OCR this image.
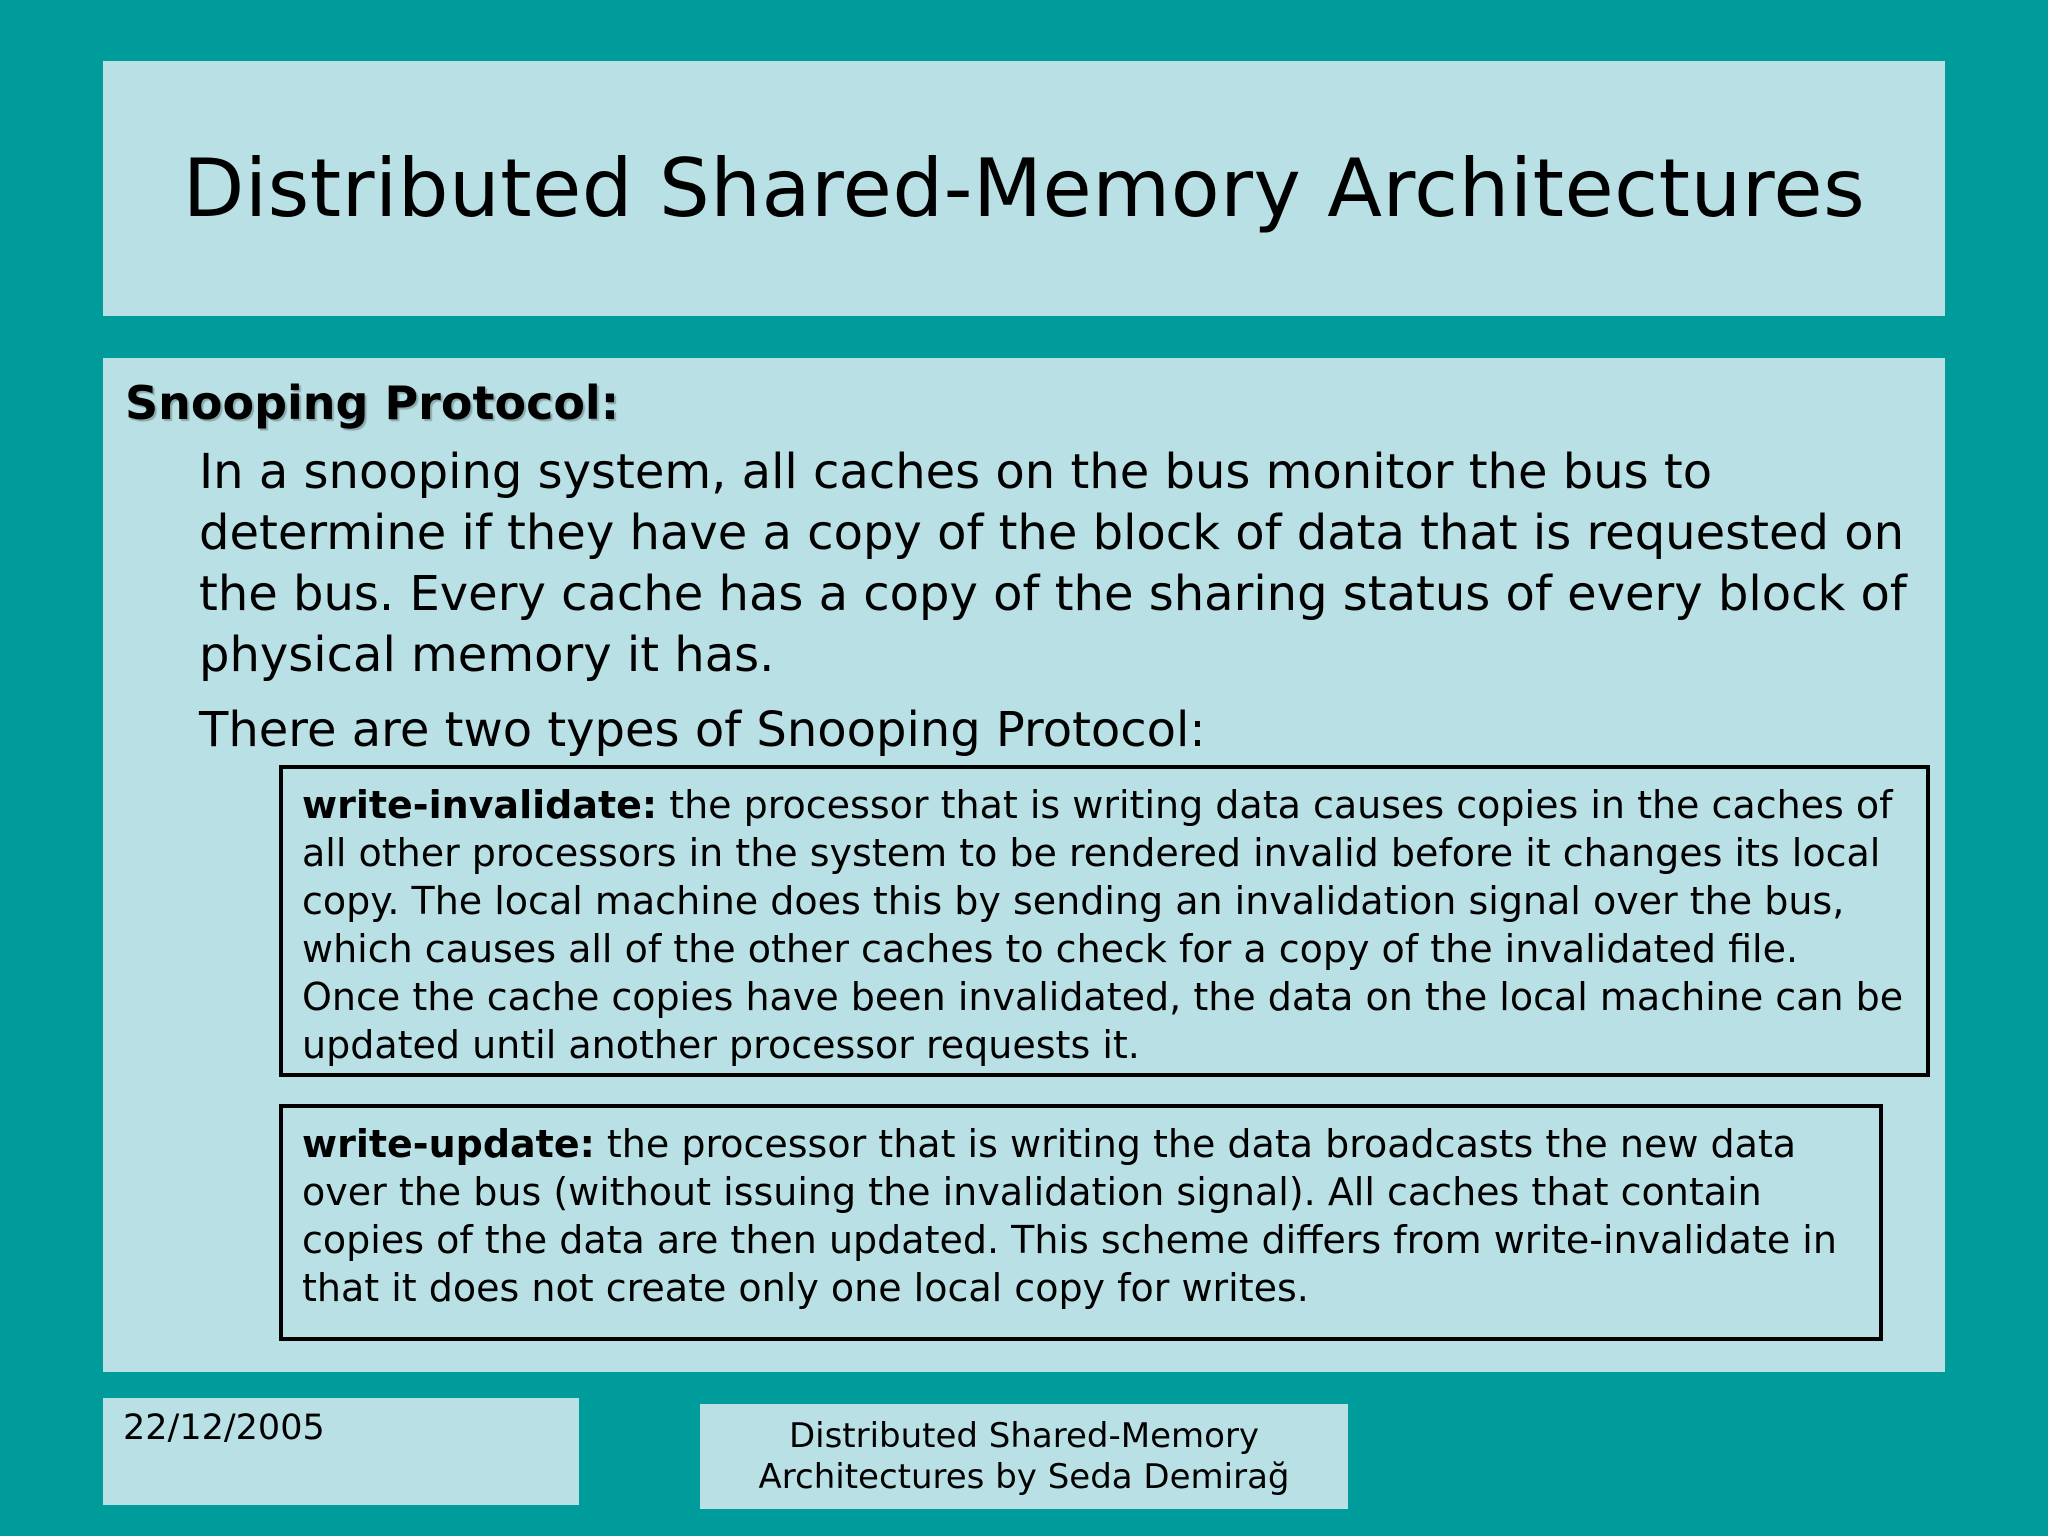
Distributed Shared-Memory Architectures

Snooping Protocol:

In a snooping system, all caches on the bus monitor the bus to determine if they have a copy of the block of data that is requested on the bus. Every cache has a copy of the sharing status of every block of physical memory it has.

There are two types of Snooping Protocol:

write-invalidate: the processor that is writing data causes copies in the caches of all other processors in the system to be rendered invalid before it changes its local copy. The local machine does this by sending an invalidation signal over the bus, which causes all of the other caches to check for a copy of the invalidated file. Once the cache copies have been invalidated, the data on the local machine can be updated until another processor requests it.

write-update: the processor that is writing the data broadcasts the new data over the bus (without issuing the invalidation signal). All caches that contain copies of the data are then updated. This scheme differs from write-invalidate in that it does not create only one local copy for writes.

22/12/2005	Distributed Shared-Memory
Architectures by Seda Demirağ
